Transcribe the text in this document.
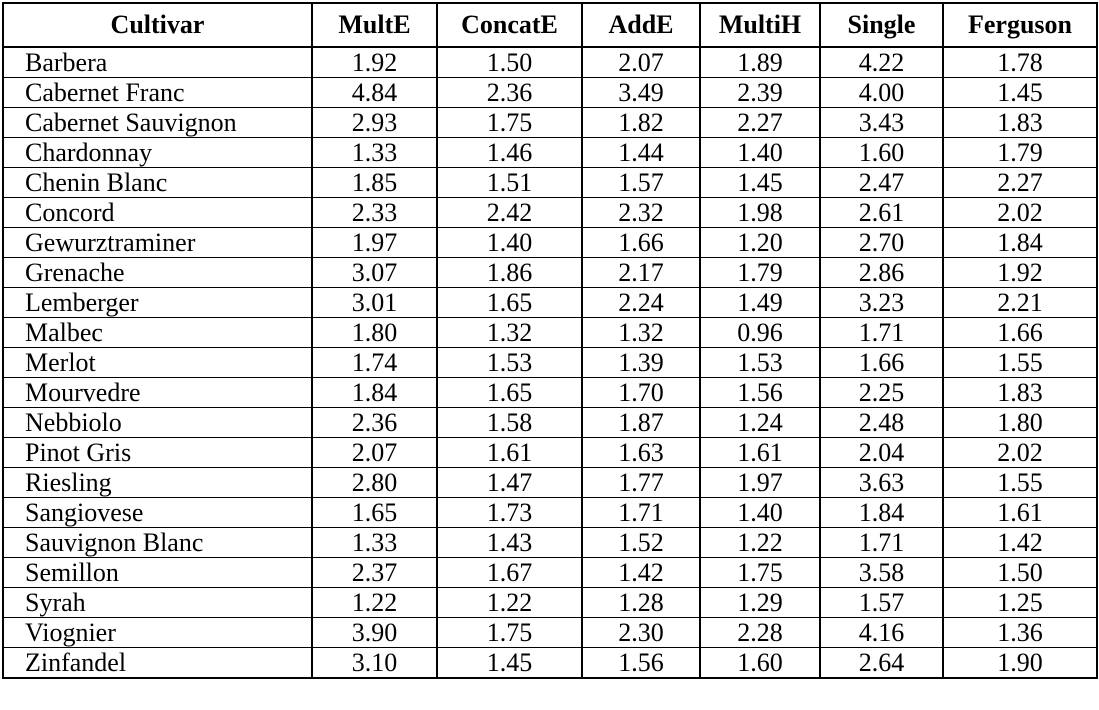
Cultivar	MultE	ConcatE	AddE	MultiH	Single	Ferguson
Barbera	1.92	1.50	2.07	1.89	4.22	1.78
Cabernet Franc	4.84	2.36	3.49	2.39	4.00	1.45
Cabernet Sauvignon	2.93	1.75	1.82	2.27	3.43	1.83
Chardonnay	1.33	1.46	1.44	1.40	1.60	1.79
Chenin Blanc	1.85	1.51	1.57	1.45	2.47	2.27
Concord	2.33	2.42	2.32	1.98	2.61	2.02
Gewurztraminer	1.97	1.40	1.66	1.20	2.70	1.84
Grenache	3.07	1.86	2.17	1.79	2.86	1.92
Lemberger	3.01	1.65	2.24	1.49	3.23	2.21
Malbec	1.80	1.32	1.32	0.96	1.71	1.66
Merlot	1.74	1.53	1.39	1.53	1.66	1.55
Mourvedre	1.84	1.65	1.70	1.56	2.25	1.83
Nebbiolo	2.36	1.58	1.87	1.24	2.48	1.80
Pinot Gris	2.07	1.61	1.63	1.61	2.04	2.02
Riesling	2.80	1.47	1.77	1.97	3.63	1.55
Sangiovese	1.65	1.73	1.71	1.40	1.84	1.61
Sauvignon Blanc	1.33	1.43	1.52	1.22	1.71	1.42
Semillon	2.37	1.67	1.42	1.75	3.58	1.50
Syrah	1.22	1.22	1.28	1.29	1.57	1.25
Viognier	3.90	1.75	2.30	2.28	4.16	1.36
Zinfandel	3.10	1.45	1.56	1.60	2.64	1.90
